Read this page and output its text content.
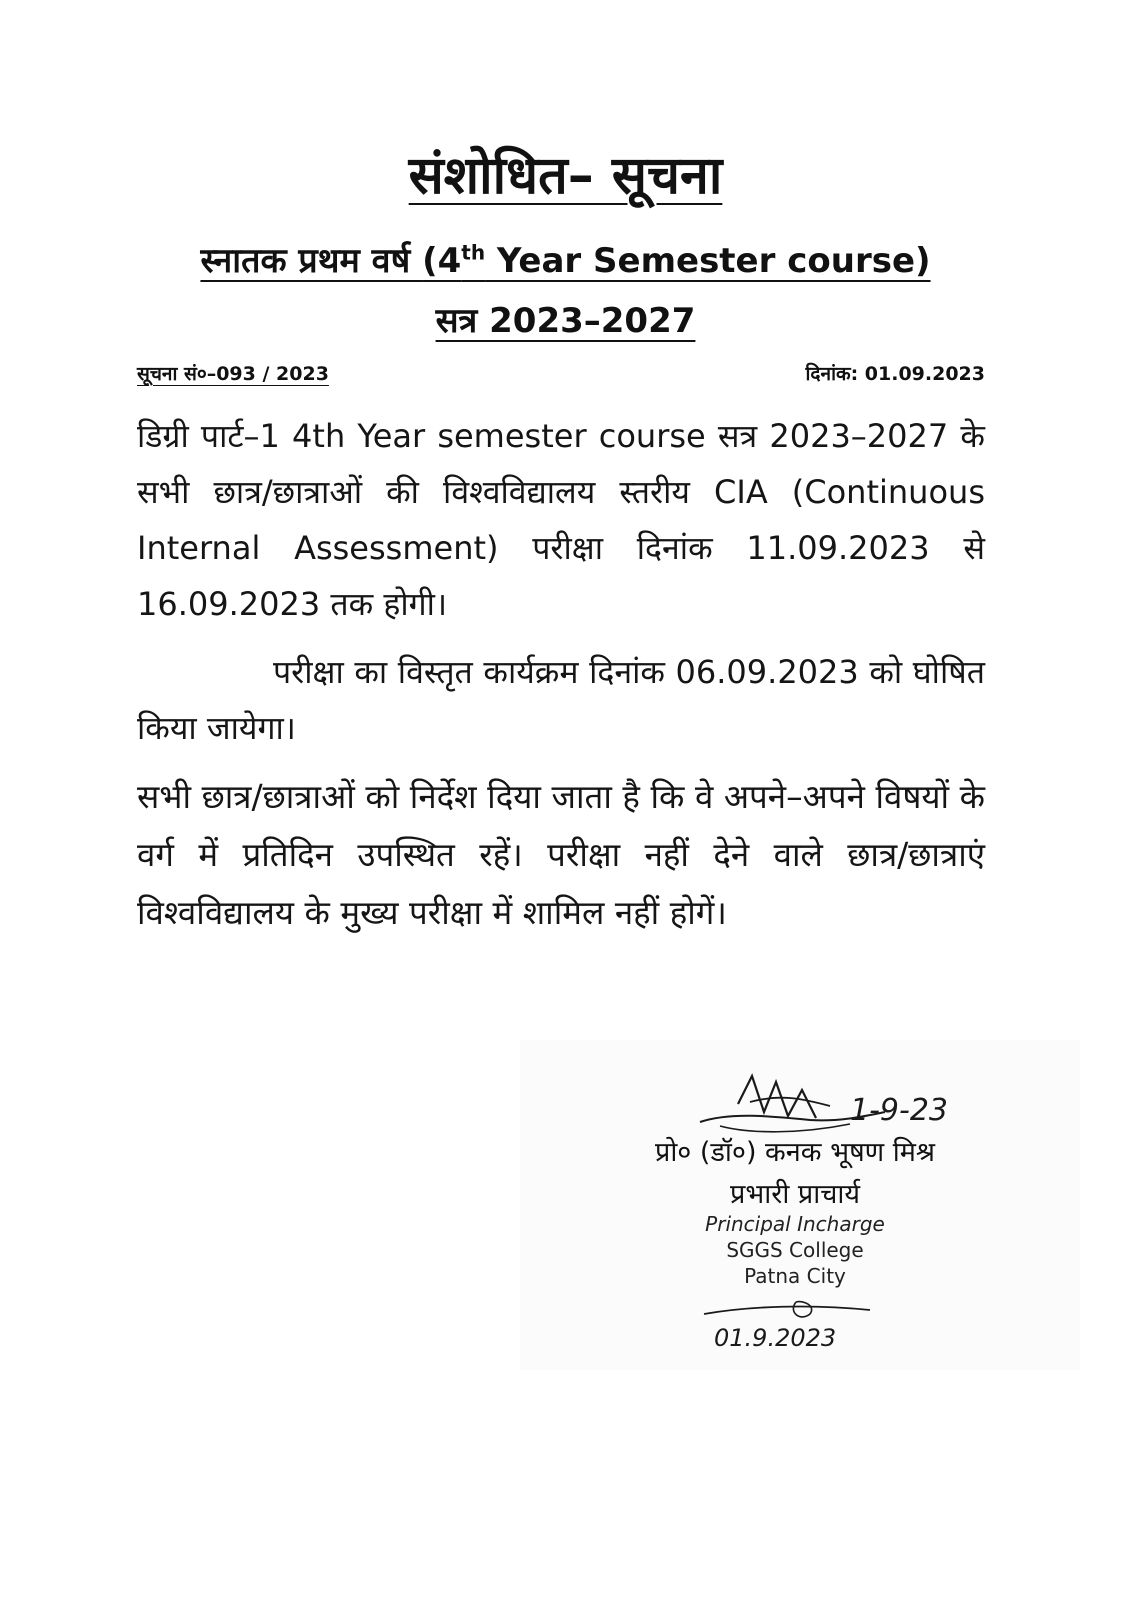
संशोधित– सूचना
स्नातक प्रथम वर्ष (4th Year Semester course)
सत्र 2023–2027
सूचना सं०–093 / 2023	दिनांक: 01.09.2023
डिग्री पार्ट–1 4th Year semester course सत्र 2023–2027 के सभी छात्र/छात्राओं की विश्वविद्यालय स्तरीय CIA (Continuous Internal Assessment) परीक्षा दिनांक 11.09.2023 से 16.09.2023 तक होगी।
परीक्षा का विस्तृत कार्यक्रम दिनांक 06.09.2023 को घोषित किया जायेगा।
सभी छात्र/छात्राओं को निर्देश दिया जाता है कि वे अपने–अपने विषयों के वर्ग में प्रतिदिन उपस्थित रहें। परीक्षा नहीं देने वाले छात्र/छात्राएं विश्वविद्यालय के मुख्य परीक्षा में शामिल नहीं होगें।
1-9-23
प्रो० (डॉ०) कनक भूषण मिश्र
प्रभारी प्राचार्य
Principal Incharge
SGGS College
Patna City
01.9.2023
